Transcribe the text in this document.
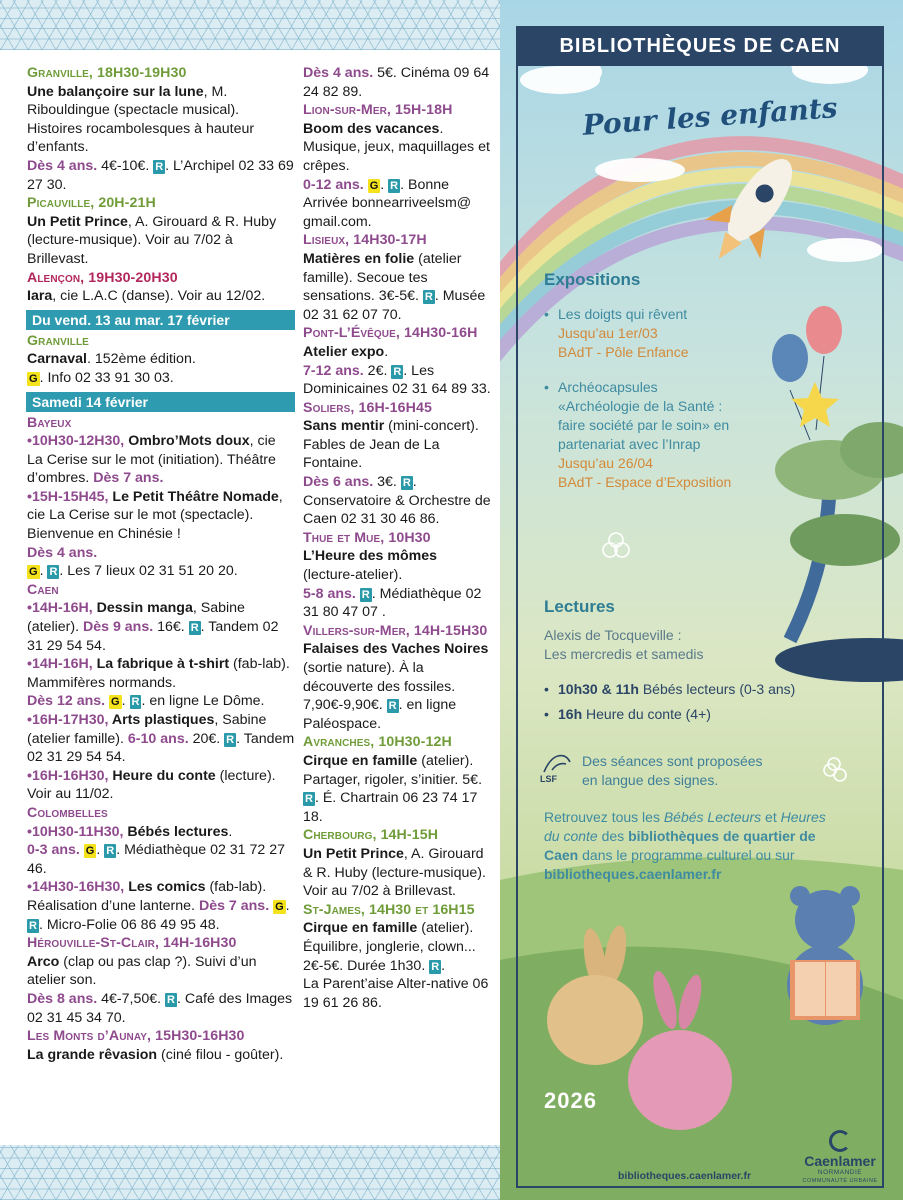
Granville, 18H30-19H30
Une balançoire sur la lune, M. Ribouldingue (spectacle musical). Histoires rocambolesques à hauteur d’enfants.
Dès 4 ans. 4€-10€. R . L’Archipel 02 33 69 27 30.
Picauville, 20H-21H
Un Petit Prince, A. Girouard & R. Huby (lecture-musique). Voir au 7/02 à Brillevast.
Alençon, 19H30-20H30
Iara, cie L.A.C (danse). Voir au 12/02.
Du vend. 13 au mar. 17 février
Granville
Carnaval. 152ème édition.
G . Info 02 33 91 30 03.
Samedi 14 février
Bayeux
•10H30-12H30, Ombro’Mots doux, cie La Cerise sur le mot (initiation). Théâtre d’ombres. Dès 7 ans.
•15H-15H45, Le Petit Théâtre Nomade, cie La Cerise sur le mot (spectacle). Bienvenue en Chinésie !
Dès 4 ans.
G . R . Les 7 lieux 02 31 51 20 20.
Caen
•14H-16H, Dessin manga, Sabine (atelier). Dès 9 ans. 16€. R . Tandem 02 31 29 54 54.
•14H-16H, La fabrique à t-shirt (fab-lab). Mammifères normands.
Dès 12 ans. G . R . en ligne Le Dôme.
•16H-17H30, Arts plastiques, Sabine (atelier famille). 6-10 ans. 20€. R . Tandem 02 31 29 54 54.
•16H-16H30, Heure du conte (lecture). Voir au 11/02.
Colombelles
•10H30-11H30, Bébés lectures.
0-3 ans. G . R . Médiathèque 02 31 72 27 46.
•14H30-16H30, Les comics (fab-lab). Réalisation d’une lanterne. Dès 7 ans. G . R . Micro-Folie 06 86 49 95 48.
Hérouville-St-Clair, 14H-16H30
Arco (clap ou pas clap ?). Suivi d’un atelier son.
Dès 8 ans. 4€-7,50€. R . Café des Images 02 31 45 34 70.
Les Monts d’Aunay, 15H30-16H30
La grande rêvasion (ciné filou - goûter).
Dès 4 ans. 5€. Cinéma 09 64 24 82 89.
Lion-sur-Mer, 15H-18H
Boom des vacances. Musique, jeux, maquillages et crêpes.
0-12 ans. G . R . Bonne Arrivée bonnearriveelsm@ gmail.com.
Lisieux, 14H30-17H
Matières en folie (atelier famille). Secoue tes sensations. 3€-5€. R . Musée 02 31 62 07 70.
Pont-L’Évêque, 14H30-16H
Atelier expo.
7-12 ans. 2€. R . Les Dominicaines 02 31 64 89 33.
Soliers, 16H-16H45
Sans mentir (mini-concert). Fables de Jean de La Fontaine.
Dès 6 ans. 3€. R . Conservatoire & Orchestre de Caen 02 31 30 46 86.
Thue et Mue, 10H30
L’Heure des mômes (lecture-atelier).
5-8 ans. R . Médiathèque 02 31 80 47 07 .
Villers-sur-Mer, 14H-15H30
Falaises des Vaches Noires (sortie nature). À la découverte des fossiles. 7,90€-9,90€. R . en ligne Paléospace.
Avranches, 10H30-12H
Cirque en famille (atelier). Partager, rigoler, s’initier. 5€. R . É. Chartrain 06 23 74 17 18.
Cherbourg, 14H-15H
Un Petit Prince, A. Girouard & R. Huby (lecture-musique). Voir au 7/02 à Brillevast.
St-James, 14H30 et 16H15
Cirque en famille (atelier). Équilibre, jonglerie, clown... 2€-5€. Durée 1h30. R .
La Parent’aise Alter-native 06 19 61 26 86.
BIBLIOTHÈQUES DE CAEN
Pour les enfants
Expositions
• Les doigts qui rêvent
Jusqu’au 1er/03
BAdT - Pôle Enfance
• Archéocapsules
«Archéologie de la Santé :
faire société par le soin» en
partenariat avec l’Inrap
Jusqu’au 26/04
BAdT - Espace d’Exposition
Lectures
Alexis de Tocqueville :
Les mercredis et samedis
• 10h30 & 11h Bébés lecteurs (0-3 ans)
• 16h Heure du conte (4+)
LSF
Des séances sont proposées
en langue des signes.
Retrouvez tous les Bébés Lecteurs et Heures
du conte des bibliothèques de quartier de
Caen dans le programme culturel ou sur
bibliotheques.caenlamer.fr
2026
bibliotheques.caenlamer.fr
Caenlamer
NORMANDIE
COMMUNAUTÉ URBAINE
